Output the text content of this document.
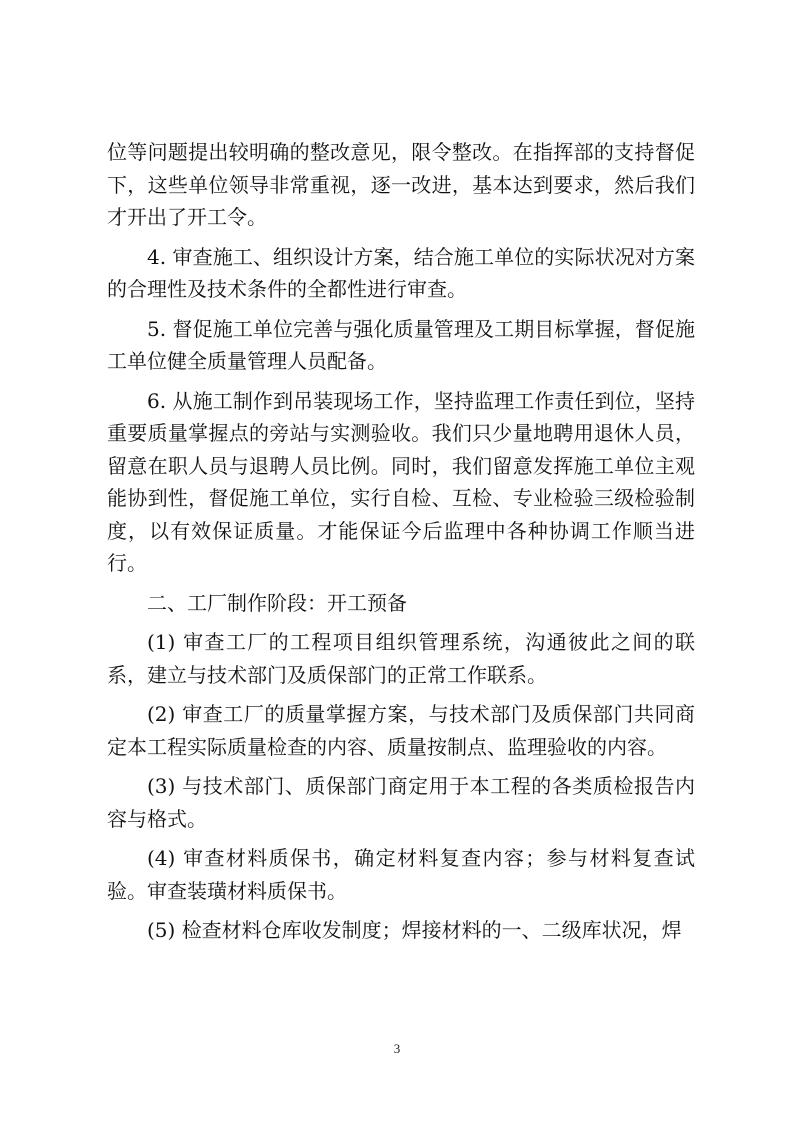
位等问题提出较明确的整改意见，限令整改。在指挥部的支持督促下，这些单位领导非常重视，逐一改进，基本达到要求，然后我们才开出了开工令。

4. 审查施工、组织设计方案，结合施工单位的实际状况对方案的合理性及技术条件的全都性进行审查。

5. 督促施工单位完善与强化质量管理及工期目标掌握，督促施工单位健全质量管理人员配备。

6. 从施工制作到吊装现场工作，坚持监理工作责任到位，坚持重要质量掌握点的旁站与实测验收。我们只少量地聘用退休人员，留意在职人员与退聘人员比例。同时，我们留意发挥施工单位主观能协到性，督促施工单位，实行自检、互检、专业检验三级检验制度，以有效保证质量。才能保证今后监理中各种协调工作顺当进行。

二、工厂制作阶段：开工预备

(1) 审查工厂的工程项目组织管理系统，沟通彼此之间的联系，建立与技术部门及质保部门的正常工作联系。

(2) 审查工厂的质量掌握方案，与技术部门及质保部门共同商定本工程实际质量检查的内容、质量按制点、监理验收的内容。

(3) 与技术部门、质保部门商定用于本工程的各类质检报告内容与格式。

(4) 审查材料质保书，确定材料复查内容；参与材料复查试验。审查装璜材料质保书。

(5) 检查材料仓库收发制度；焊接材料的一、二级库状况，焊

3
